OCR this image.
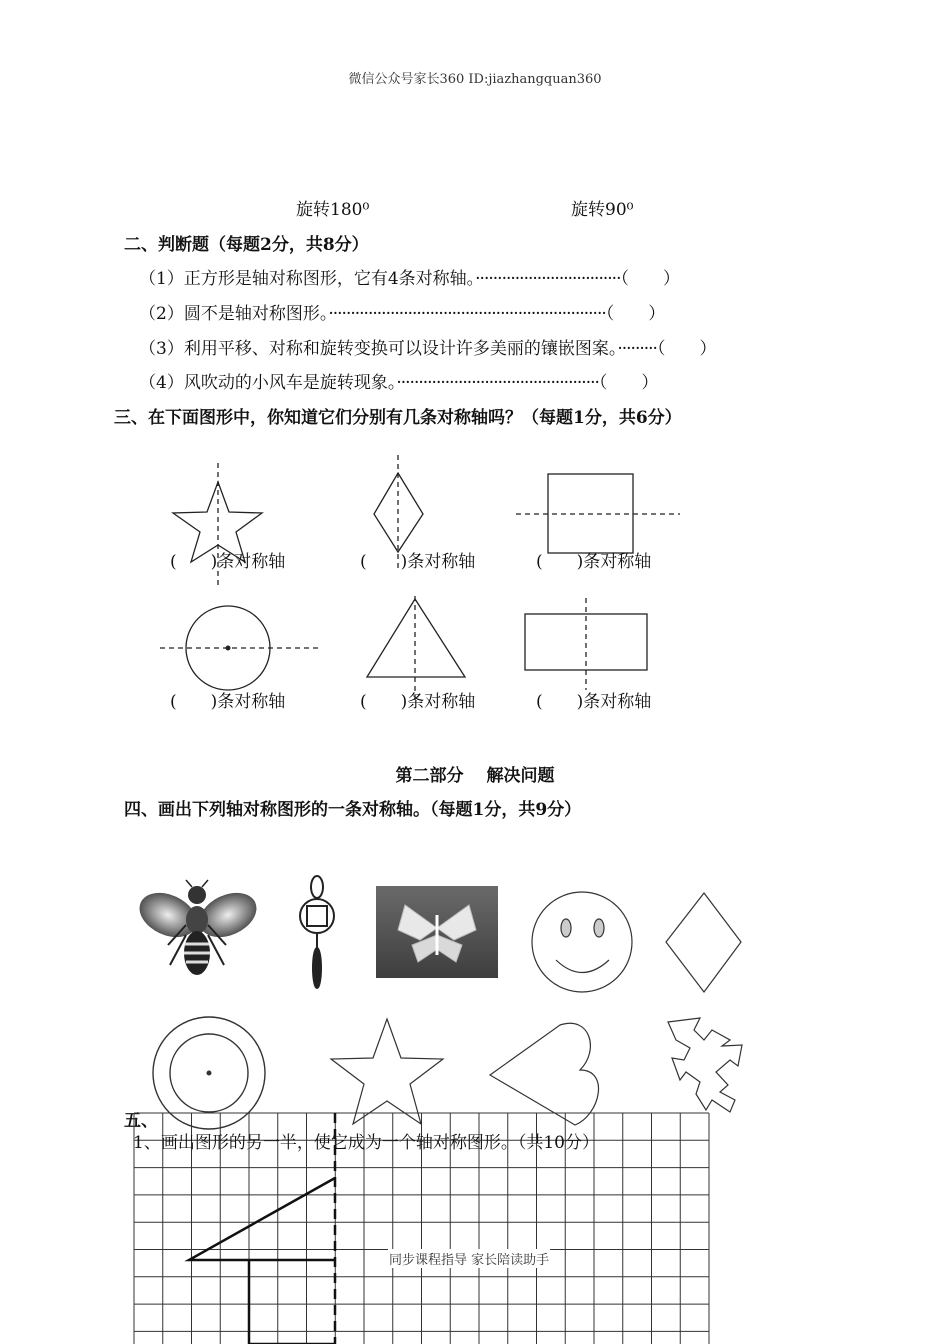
微信公众号家长360 ID:jiazhangquan360
旋转180⁰	旋转90⁰
二、判断题（每题2分，共8分）
（1）正方形是轴对称图形，它有4条对称轴。·································（　　）
（2）圆不是轴对称图形。·······························································（　　）
（3）利用平移、对称和旋转变换可以设计许多美丽的镶嵌图案。·········（　　）
（4）风吹动的小风车是旋转现象。··············································（　　）
三、在下面图形中，你知道它们分别有几条对称轴吗？（每题1分，共6分）
(　　)条对称轴	(　　)条对称轴	(　　)条对称轴
(　　)条对称轴	(　　)条对称轴	(　　)条对称轴
第二部分　 解决问题
四、画出下列轴对称图形的一条对称轴。（每题1分，共9分）
五、
1、画出图形的另一半，使它成为一个轴对称图形。（共10分）
同步课程指导 家长陪读助手
